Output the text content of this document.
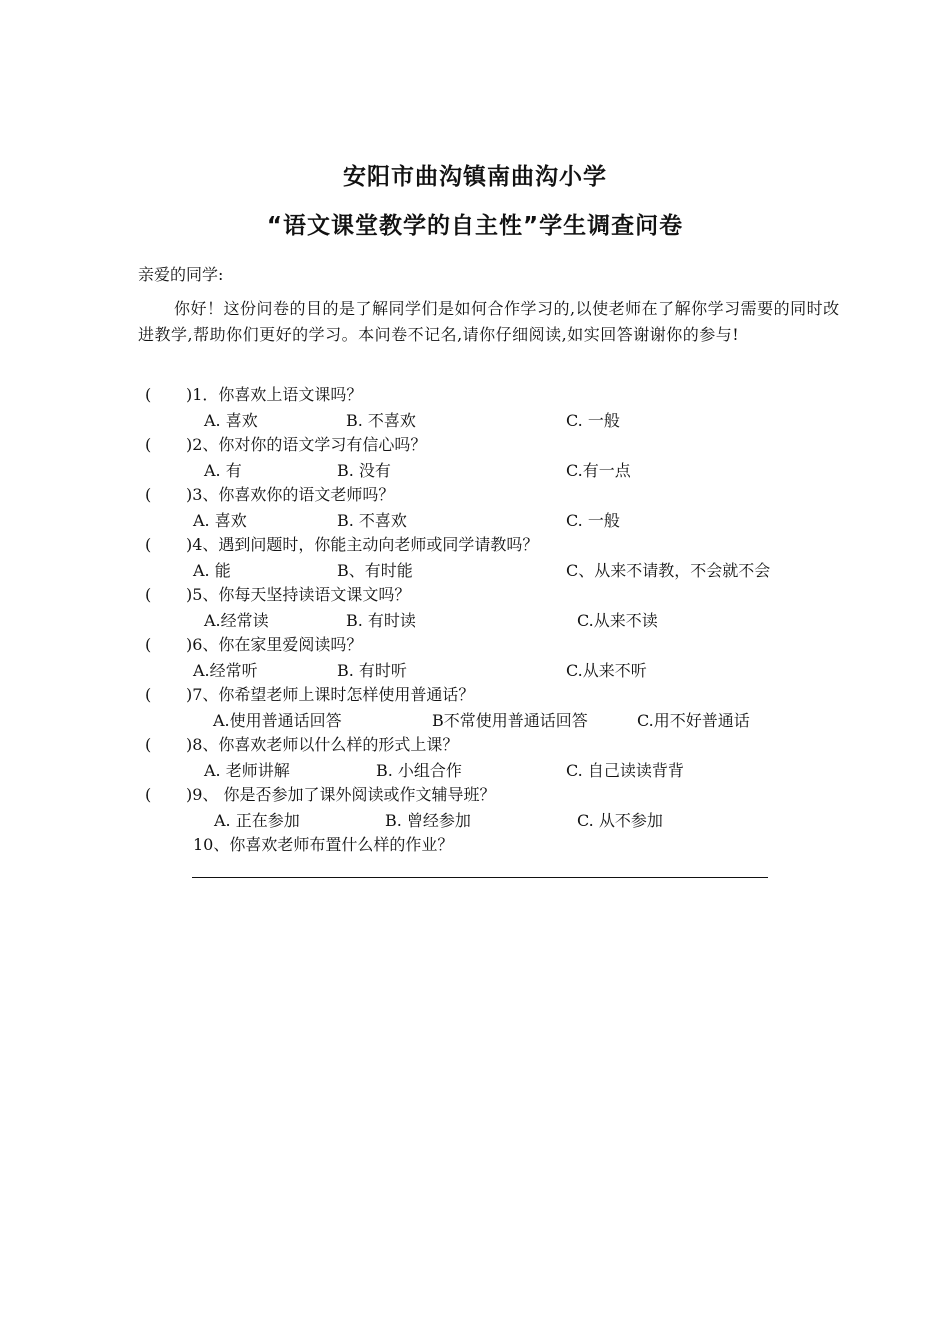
安阳市曲沟镇南曲沟小学
“语文课堂教学的自主性”学生调查问卷
亲爱的同学:
你好！这份问卷的目的是了解同学们是如何合作学习的,以使老师在了解你学习需要的同时改进教学,帮助你们更好的学习。本问卷不记名,请你仔细阅读,如实回答谢谢你的参与!
( )1．你喜欢上语文课吗？
A. 喜欢	B. 不喜欢	C. 一般
( )2、你对你的语文学习有信心吗？
A. 有	B. 没有	C.有一点
( )3、你喜欢你的语文老师吗？
A. 喜欢	B. 不喜欢	C. 一般
( )4、遇到问题时，你能主动向老师或同学请教吗？
A. 能	B、有时能	C、从来不请教，不会就不会
( )5、你每天坚持读语文课文吗？
A.经常读	B. 有时读	C.从来不读
( )6、你在家里爱阅读吗？
A.经常听	B. 有时听	C.从来不听
( )7、你希望老师上课时怎样使用普通话？
A.使用普通话回答	B不常使用普通话回答	C.用不好普通话
( )8、你喜欢老师以什么样的形式上课？
A. 老师讲解	B. 小组合作	C. 自己读读背背
( )9、 你是否参加了课外阅读或作文辅导班？
A. 正在参加	B. 曾经参加	C. 从不参加
10、你喜欢老师布置什么样的作业？
